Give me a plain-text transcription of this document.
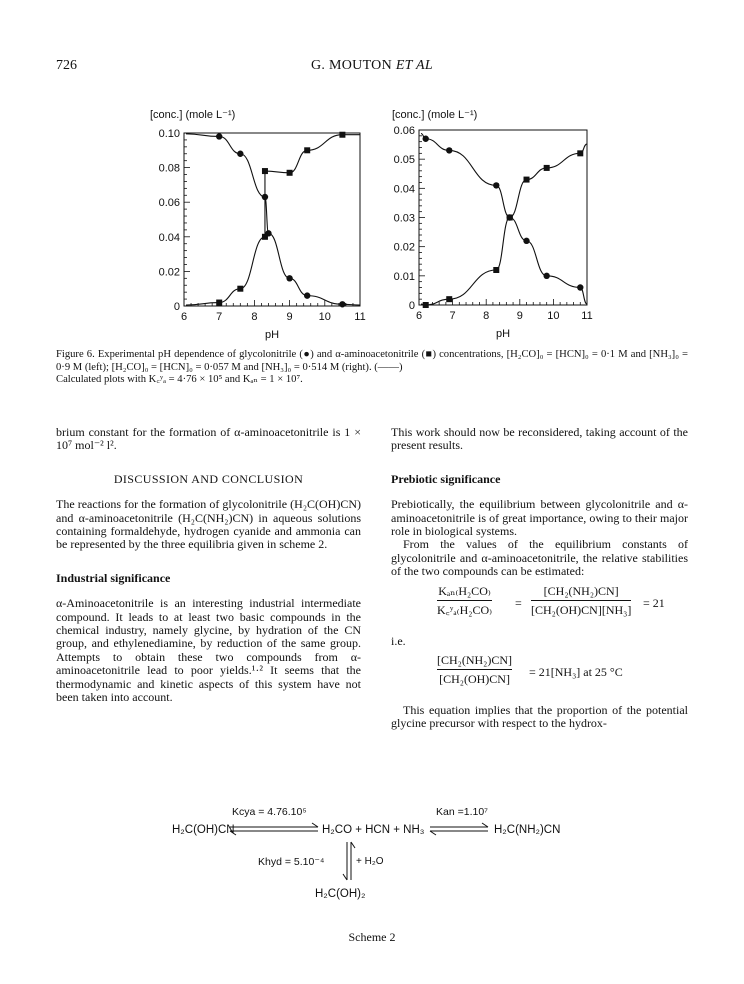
726	G. MOUTON ET AL
[conc.] (mole L⁻¹)
pH
6	7	8	9 10 11
0
0.02
0.04
0.06
0.08
0.10
[conc.] (mole L⁻¹)
pH
6 7 8 9 10 11
0
0.01
0.02
0.03
0.04
0.05
0.06
Figure 6. Experimental pH dependence of glycolonitrile (●) and α-aminoacetonitrile (■) concentrations, [H₂CO]₀ = [HCN]₀ = 0·1 M and [NH₃]₀ = 0·9 M (left); [H₂CO]₀ = [HCN]₀ = 0·057 M and [NH₃]₀ = 0·514 M (right). (——)
Calculated plots with K꜀ʸₐ = 4·76 × 10⁵ and Kₐₙ = 1 × 10⁷.

brium constant for the formation of α-aminoacetonitrile is 1 × 10⁷ mol⁻² l².

DISCUSSION AND CONCLUSION

The reactions for the formation of glycolonitrile (H₂C(OH)CN) and α-aminoacetonitrile (H₂C(NH₂)CN) in aqueous solutions containing formaldehyde, hydrogen cyanide and ammonia can be represented by the three equilibria given in scheme 2.

Industrial significance

α-Aminoacetonitrile is an interesting industrial intermediate compound. It leads to at least two basic compounds in the chemical industry, namely glycine, by hydration of the CN group, and ethylenediamine, by reduction of the same group. Attempts to obtain these two compounds from α-aminoacetonitrile lead to poor yields.¹·² It seems that the thermodynamic and kinetic aspects of this system have not been taken into account.

This work should now be reconsidered, taking account of the present results.

Prebiotic significance

Prebiotically, the equilibrium between glycolonitrile and α-aminoacetonitrile is of great importance, owing to their major role in biological systems.

From the values of the equilibrium constants of glycolonitrile and α-aminoacetonitrile, the relative stabilities of the two compounds can be estimated:

Kₐₙ₍H₂CO₎
K꜀ʸₐ₍H₂CO₎
= $\frac{\text{[CH₂(NH₂)CN]}}{\text{[CH₂(OH)CN][NH₃]}} = 21$

i.e.

$\frac{\text{[CH₂(NH₂)CN]}}{\text{[CH₂(OH)CN]}} = 21[NH_3]$ at 25 °C

This equation implies that the proportion of the potential glycine precursor with respect to the hydrox-

H₂C(OH)CN
Kcya = 4.76.10⁵
H₂CO + HCN + NH₃
Kan =1.10⁷
H₂C(NH₂)CN
Khyd = 5.10⁻⁴	+ H₂O
H₂C(OH)₂
Scheme 2
